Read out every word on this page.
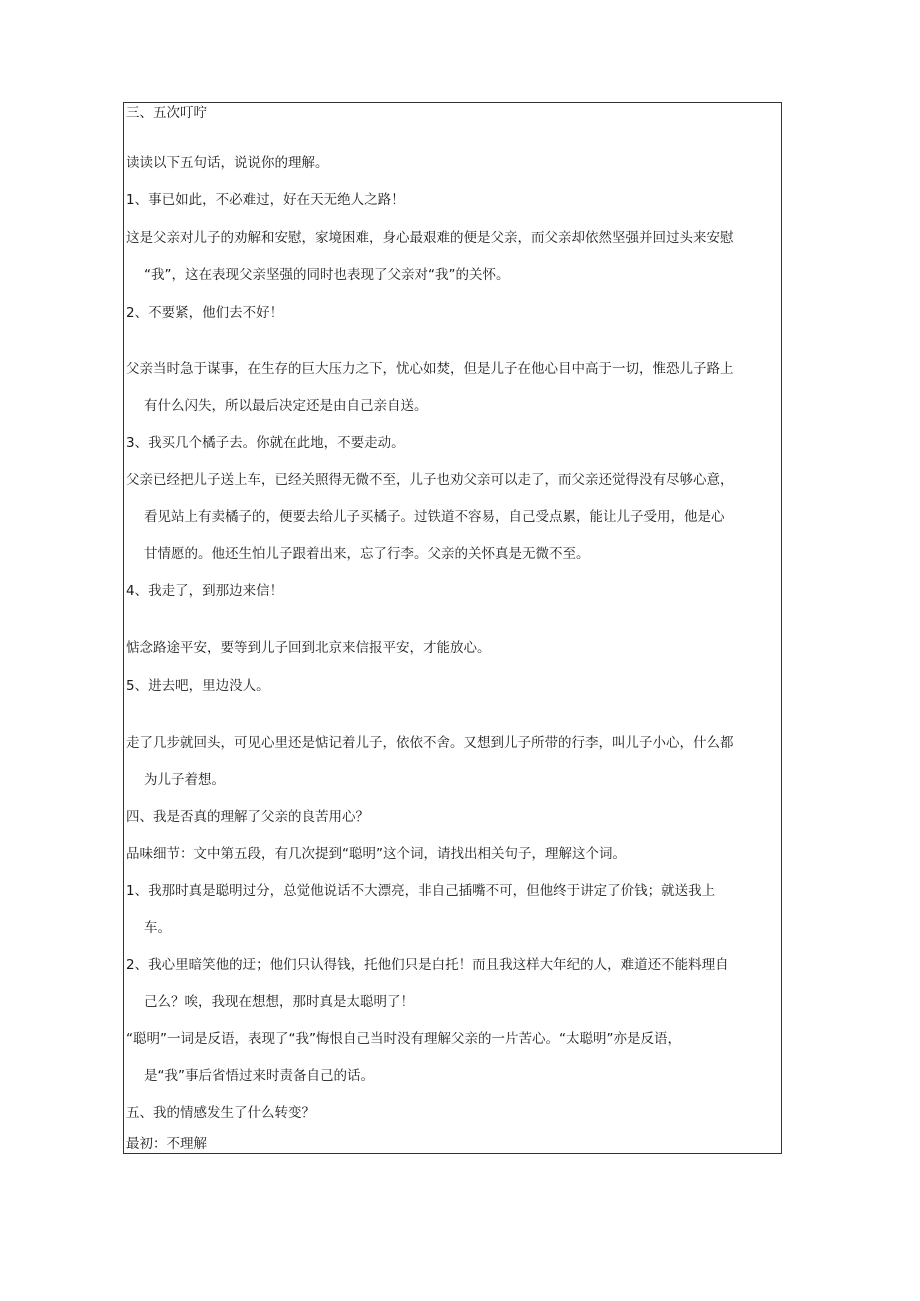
三、五次叮咛
读读以下五句话，说说你的理解。
1、事已如此，不必难过，好在天无绝人之路！
这是父亲对儿子的劝解和安慰，家境困难，身心最艰难的便是父亲，而父亲却依然坚强并回过头来安慰
“我”，这在表现父亲坚强的同时也表现了父亲对“我”的关怀。
2、不要紧，他们去不好！
父亲当时急于谋事，在生存的巨大压力之下，忧心如焚，但是儿子在他心目中高于一切，惟恐儿子路上
有什么闪失，所以最后决定还是由自己亲自送。
3、我买几个橘子去。你就在此地，不要走动。
父亲已经把儿子送上车，已经关照得无微不至，儿子也劝父亲可以走了，而父亲还觉得没有尽够心意，
看见站上有卖橘子的，便要去给儿子买橘子。过铁道不容易，自己受点累，能让儿子受用，他是心
甘情愿的。他还生怕儿子跟着出来，忘了行李。父亲的关怀真是无微不至。
4、我走了，到那边来信！
惦念路途平安，要等到儿子回到北京来信报平安，才能放心。
5、进去吧，里边没人。
走了几步就回头，可见心里还是惦记着儿子，依依不舍。又想到儿子所带的行李，叫儿子小心，什么都
为儿子着想。
四、我是否真的理解了父亲的良苦用心？
品味细节：文中第五段，有几次提到“聪明”这个词，请找出相关句子，理解这个词。
1、我那时真是聪明过分，总觉他说话不大漂亮，非自己插嘴不可，但他终于讲定了价钱；就送我上
车。
2、我心里暗笑他的迂；他们只认得钱，托他们只是白托！而且我这样大年纪的人，难道还不能料理自
己么？唉，我现在想想，那时真是太聪明了！
“聪明”一词是反语，表现了“我”悔恨自己当时没有理解父亲的一片苦心。“太聪明”亦是反语，
是“我”事后省悟过来时责备自己的话。
五、我的情感发生了什么转变？
最初：不理解
